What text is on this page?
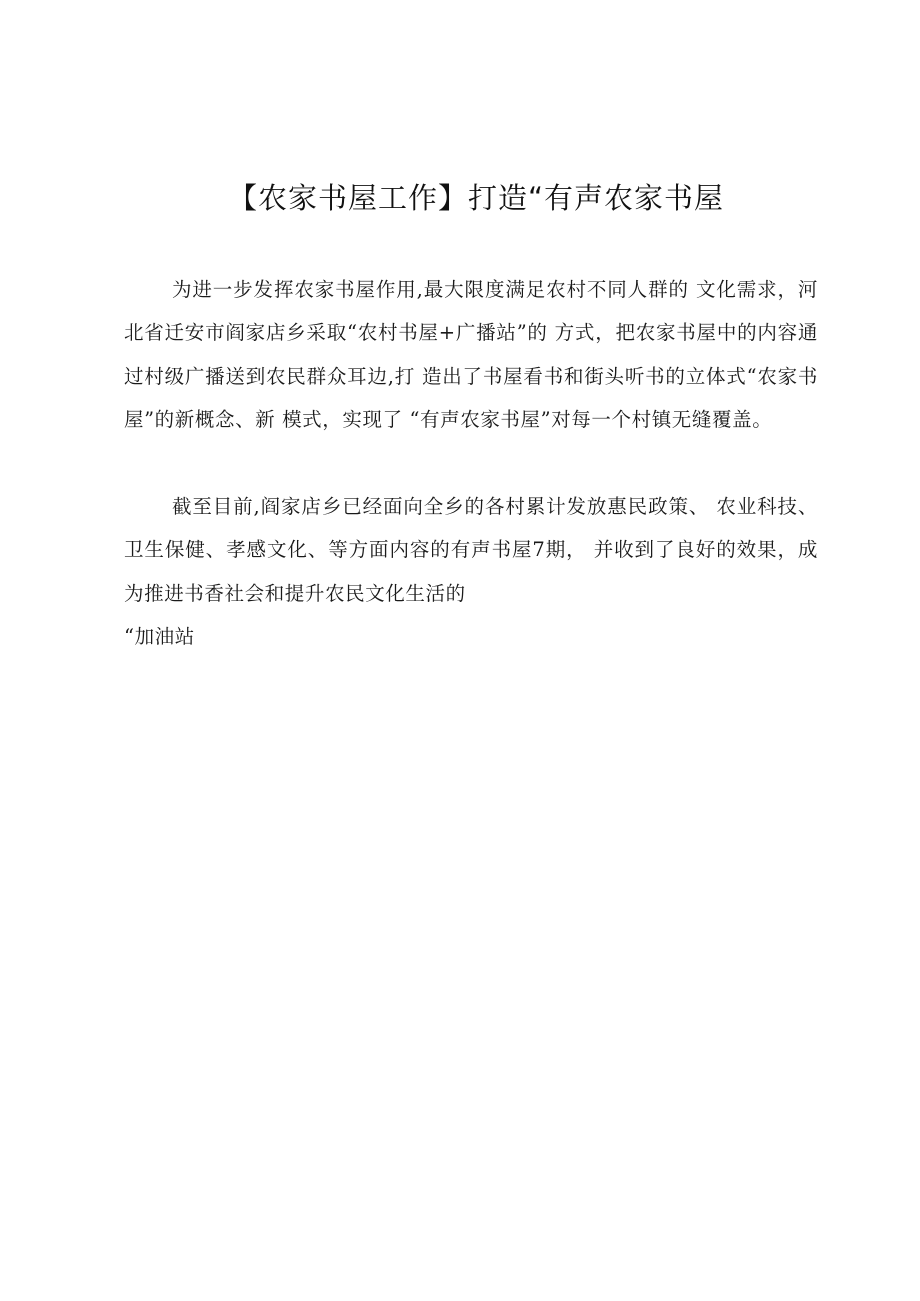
【农家书屋工作】打造“有声农家书屋

为进一步发挥农家书屋作用,最大限度满足农村不同人群的 文化需求，河北省迁安市阎家店乡采取“农村书屋+广播站”的 方式，把农家书屋中的内容通过村级广播送到农民群众耳边,打 造出了书屋看书和街头听书的立体式“农家书屋”的新概念、新 模式，实现了 “有声农家书屋”对每一个村镇无缝覆盖。

截至目前,阎家店乡已经面向全乡的各村累计发放惠民政策、 农业科技、卫生保健、孝感文化、等方面内容的有声书屋7期， 并收到了良好的效果，成为推进书香社会和提升农民文化生活的

“加油站
